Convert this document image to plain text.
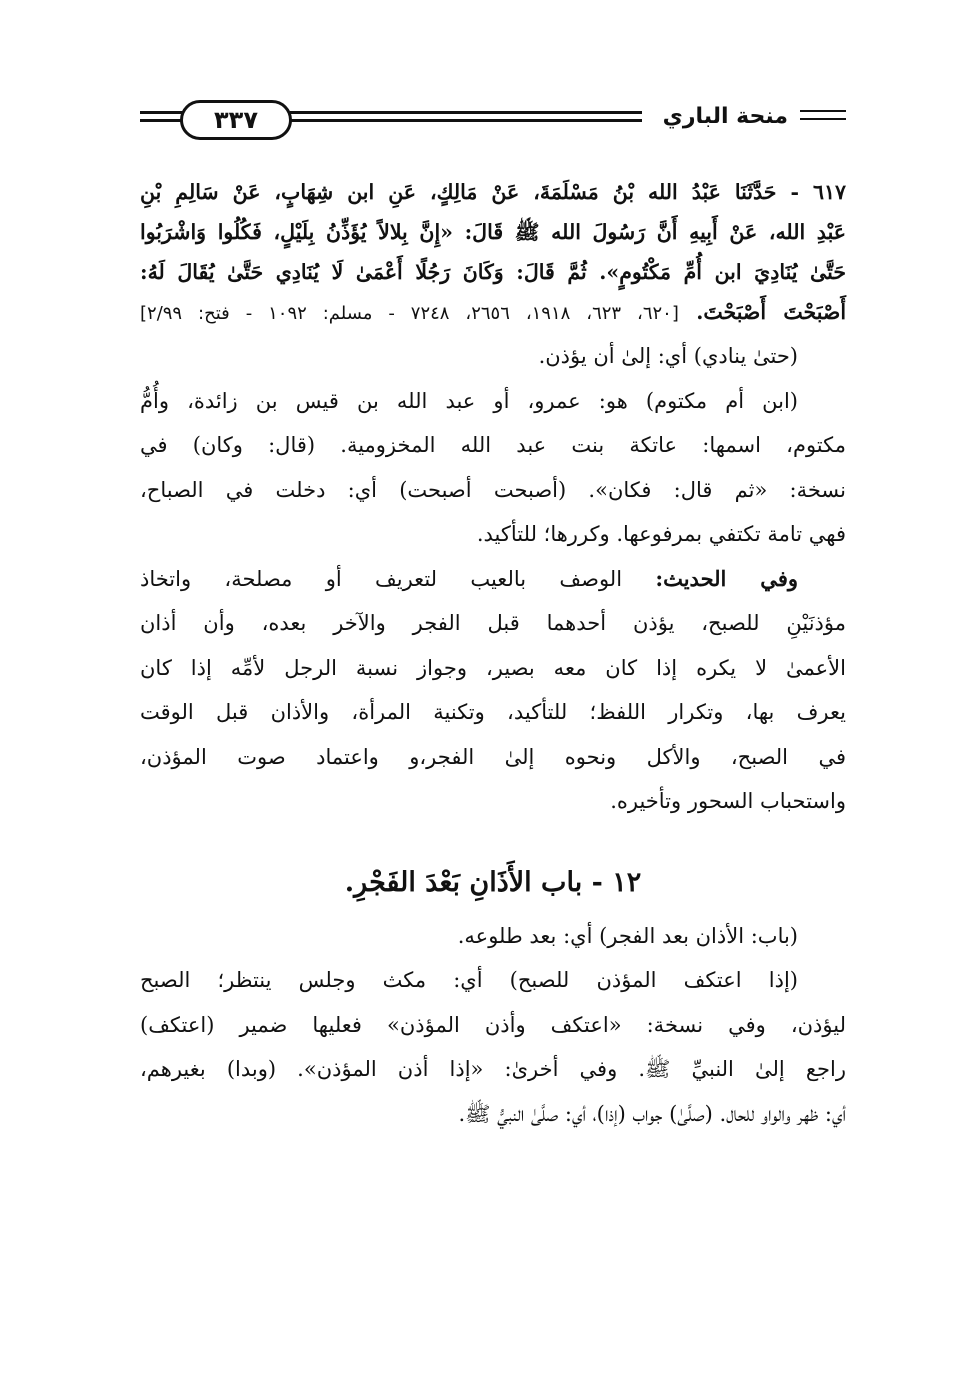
٣٣٧	منحة الباري
٦١٧ - حَدَّثَنَا عَبْدُ الله بْنُ مَسْلَمَةَ، عَنْ مَالِكٍ، عَنِ ابن شِهَابٍ، عَنْ سَالِمِ بْنِ
عَبْدِ الله، عَنْ أَبِيهِ أَنَّ رَسُولَ الله ﷺ قَالَ: «إِنَّ بِلالاً يُؤَذِّنُ بِلَيْلٍ، فَكُلُوا وَاشْرَبُوا
حَتَّىٰ يُنَادِيَ ابن أُمِّ مَكْتُومٍ». ثُمَّ قَالَ: وَكَانَ رَجُلًا أَعْمَىٰ لَا يُنَادِي حَتَّىٰ يُقَالَ لَهُ:
أَصْبَحْتَ أَصْبَحْتَ. [٦٢٠، ٦٢٣، ١٩١٨، ٢٦٥٦، ٧٢٤٨ - مسلم: ١٠٩٢ - فتح: ٢/٩٩]
(حتىٰ ينادي) أي: إلىٰ أن يؤذن.
(ابن أم مكتوم) هو: عمرو، أو عبد الله بن قيس بن زائدة، وأُمُّ
مكتوم، اسمها: عاتكة بنت عبد الله المخزومية. (قال: وكان) في
نسخة: «ثم قال: فكان». (أصبحت أصبحت) أي: دخلت في الصباح،
فهي تامة تكتفي بمرفوعها. وكررها؛ للتأكيد.
وفي الحديث: الوصف بالعيب لتعريف أو مصلحة، واتخاذ
مؤذنَيْنِ للصبح، يؤذن أحدهما قبل الفجر والآخر بعده، وأن أذان
الأعمىٰ لا يكره إذا كان معه بصير، وجواز نسبة الرجل لأمِّه إذا كان
يعرف بها، وتكرار اللفظ؛ للتأكيد، وتكنية المرأة، والأذان قبل الوقت
في الصبح، والأكل ونحوه إلىٰ الفجر،و واعتماد صوت المؤذن،
واستحباب السحور وتأخيره.
١٢ - باب الأَذَانِ بَعْدَ الفَجْرِ.
(باب: الأذان بعد الفجر) أي: بعد طلوعه.
(إذا اعتكف المؤذن للصبح) أي: مكث وجلس ينتظر؛ الصبح
ليؤذن، وفي نسخة: «اعتكف وأذن المؤذن» فعليها ضمير (اعتكف)
راجع إلىٰ النبيِّ ﷺ. وفي أخرىٰ: «إذا أذن المؤذن». (وبدا) بغيرهم،
أي: ظهر والواو للحال. (صلَّىٰ) جواب (إذا)، أي: صلَّىٰ النبيُّ ﷺ.
